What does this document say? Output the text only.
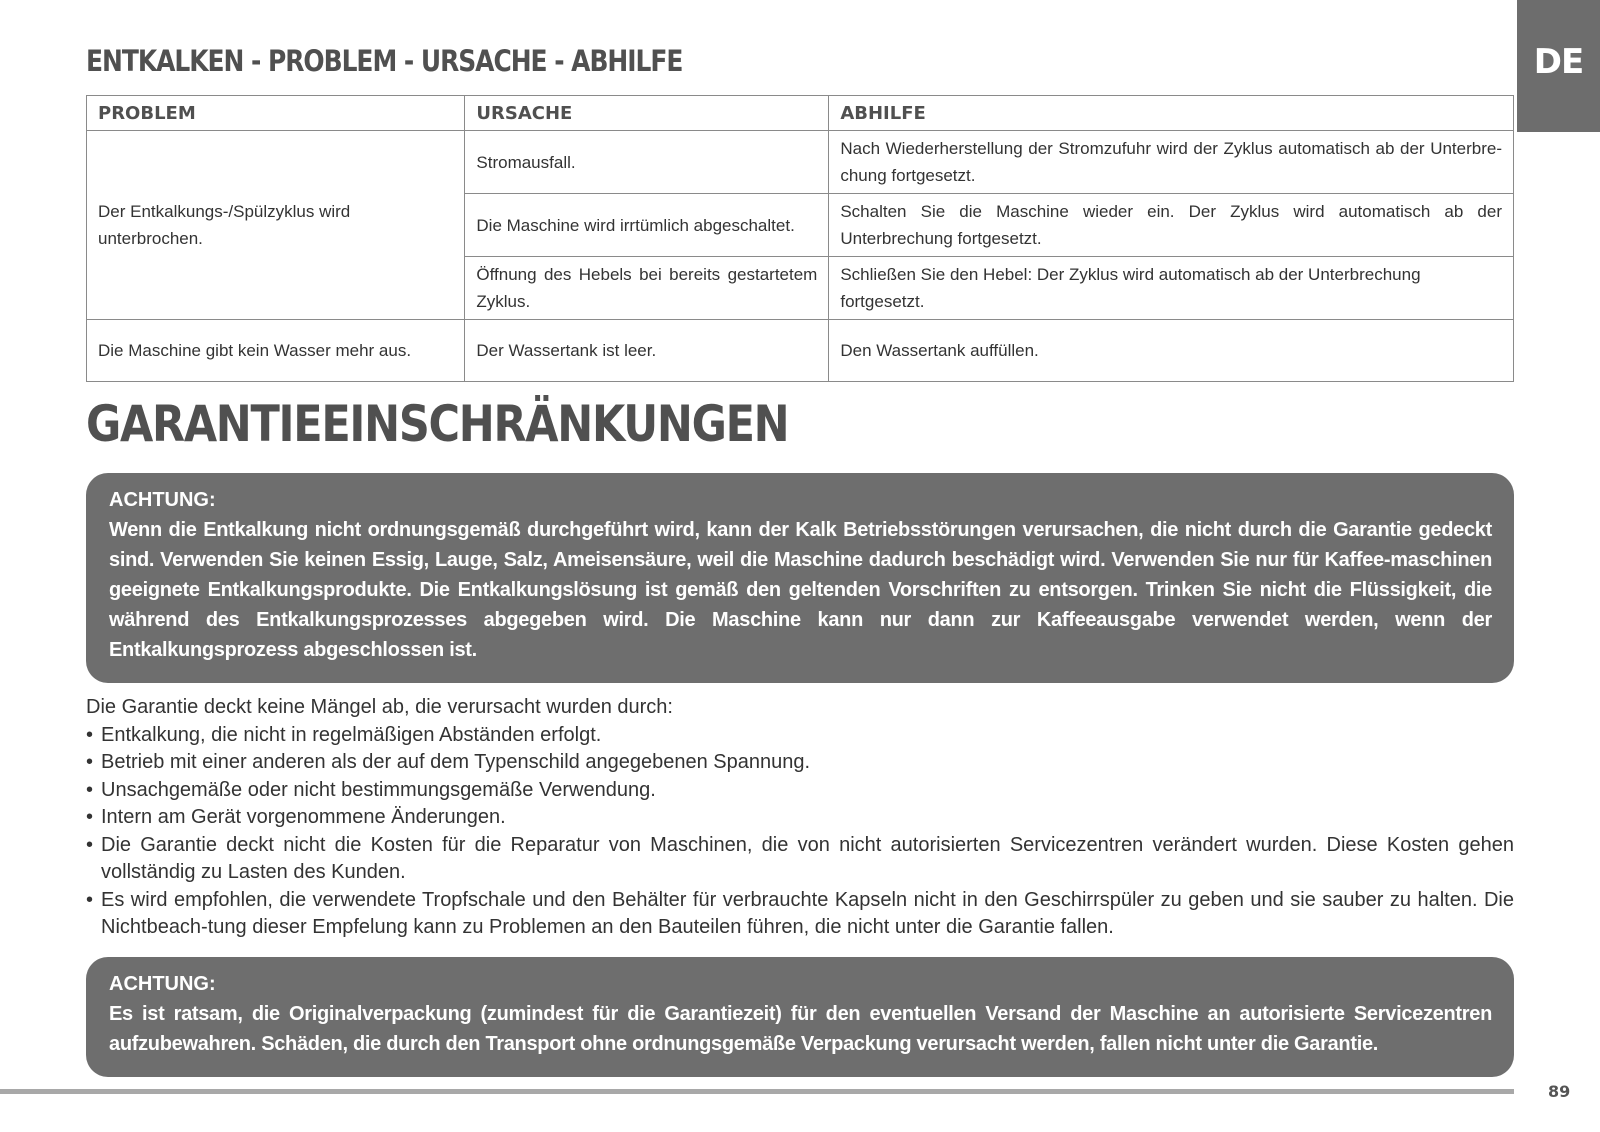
DE
ENTKALKEN - PROBLEM - URSACHE - ABHILFE
PROBLEM	URSACHE	ABHILFE
Der Entkalkungs-/Spülzyklus wird unterbrochen.	Stromausfall.	Nach Wiederherstellung der Stromzufuhr wird der Zyklus automatisch ab der Unterbre-chung fortgesetzt.
	Die Maschine wird irrtümlich abgeschaltet.	Schalten Sie die Maschine wieder ein. Der Zyklus wird automatisch ab der Unterbrechung fortgesetzt.
	Öffnung des Hebels bei bereits gestartetem Zyklus.	Schließen Sie den Hebel: Der Zyklus wird automatisch ab der Unterbrechung fortgesetzt.
Die Maschine gibt kein Wasser mehr aus.	Der Wassertank ist leer.	Den Wassertank auffüllen.
GARANTIEEINSCHRÄNKUNGEN
ACHTUNG:
Wenn die Entkalkung nicht ordnungsgemäß durchgeführt wird, kann der Kalk Betriebsstörungen verursachen, die nicht durch die Garantie gedeckt sind. Verwenden Sie keinen Essig, Lauge, Salz, Ameisensäure, weil die Maschine dadurch beschädigt wird. Verwenden Sie nur für Kaffee-maschinen geeignete Entkalkungsprodukte. Die Entkalkungslösung ist gemäß den geltenden Vorschriften zu entsorgen. Trinken Sie nicht die Flüssigkeit, die während des Entkalkungsprozesses abgegeben wird. Die Maschine kann nur dann zur Kaffeeausgabe verwendet werden, wenn der Entkalkungsprozess abgeschlossen ist.

Die Garantie deckt keine Mängel ab, die verursacht wurden durch:

• Entkalkung, die nicht in regelmäßigen Abständen erfolgt.
• Betrieb mit einer anderen als der auf dem Typenschild angegebenen Spannung.
• Unsachgemäße oder nicht bestimmungsgemäße Verwendung.
• Intern am Gerät vorgenommene Änderungen.
• Die Garantie deckt nicht die Kosten für die Reparatur von Maschinen, die von nicht autorisierten Servicezentren verändert wurden. Diese Kosten gehen vollständig zu Lasten des Kunden.
• Es wird empfohlen, die verwendete Tropfschale und den Behälter für verbrauchte Kapseln nicht in den Geschirrspüler zu geben und sie sauber zu halten. Die Nichtbeach-tung dieser Empfelung kann zu Problemen an den Bauteilen führen, die nicht unter die Garantie fallen.
ACHTUNG:
Es ist ratsam, die Originalverpackung (zumindest für die Garantiezeit) für den eventuellen Versand der Maschine an autorisierte Servicezentren aufzubewahren. Schäden, die durch den Transport ohne ordnungsgemäße Verpackung verursacht werden, fallen nicht unter die Garantie.
89
